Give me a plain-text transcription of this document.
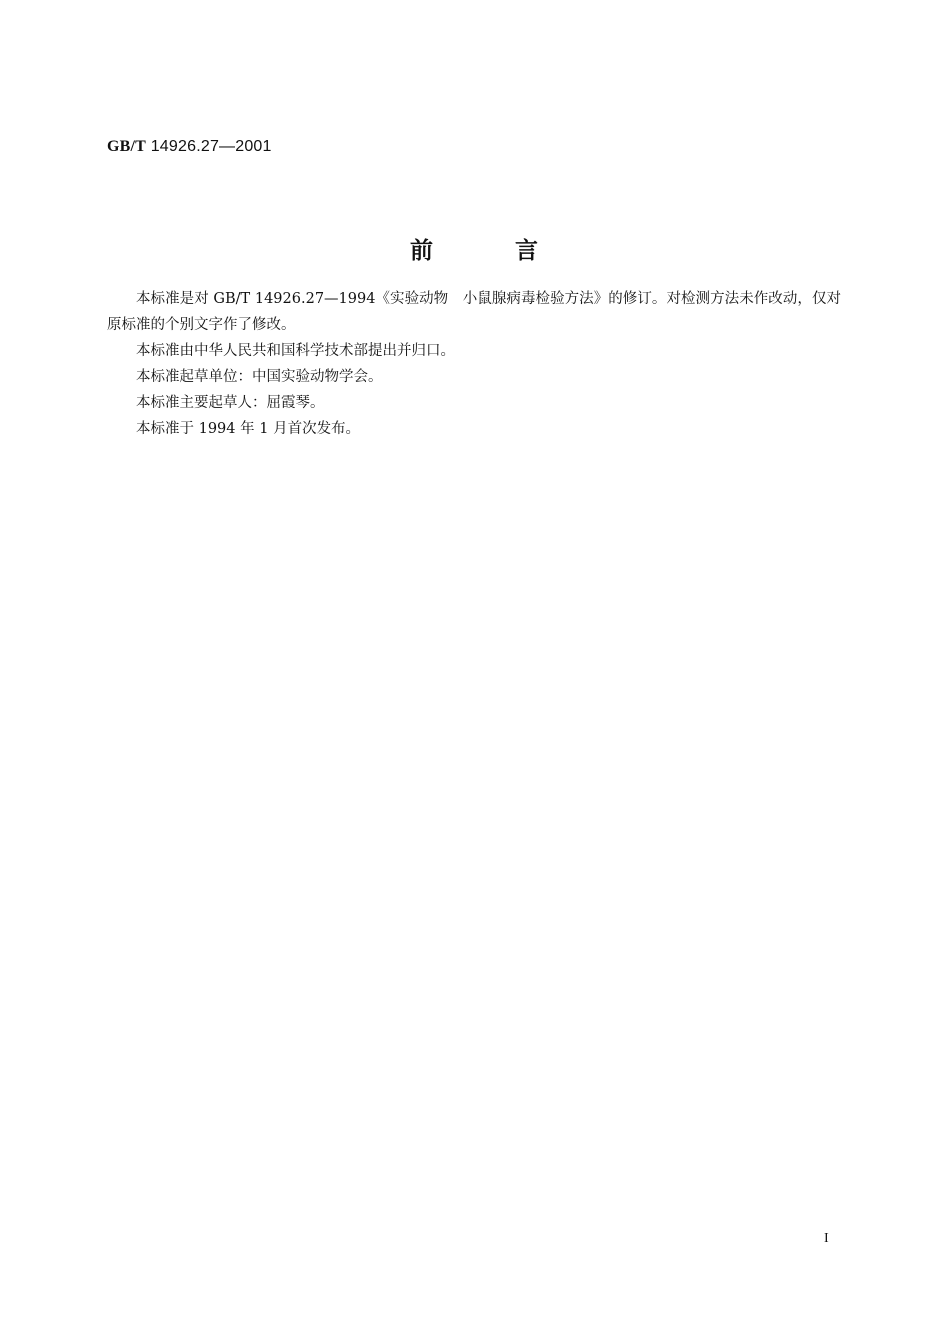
GB/T 14926.27—2001
前	言

本标准是对 GB/T 14926.27—1994《实验动物　小鼠腺病毒检验方法》的修订。对检测方法未作改动，仅对原标准的个别文字作了修改。

本标准由中华人民共和国科学技术部提出并归口。

本标准起草单位：中国实验动物学会。

本标准主要起草人：屈霞琴。

本标准于 1994 年 1 月首次发布。

I
